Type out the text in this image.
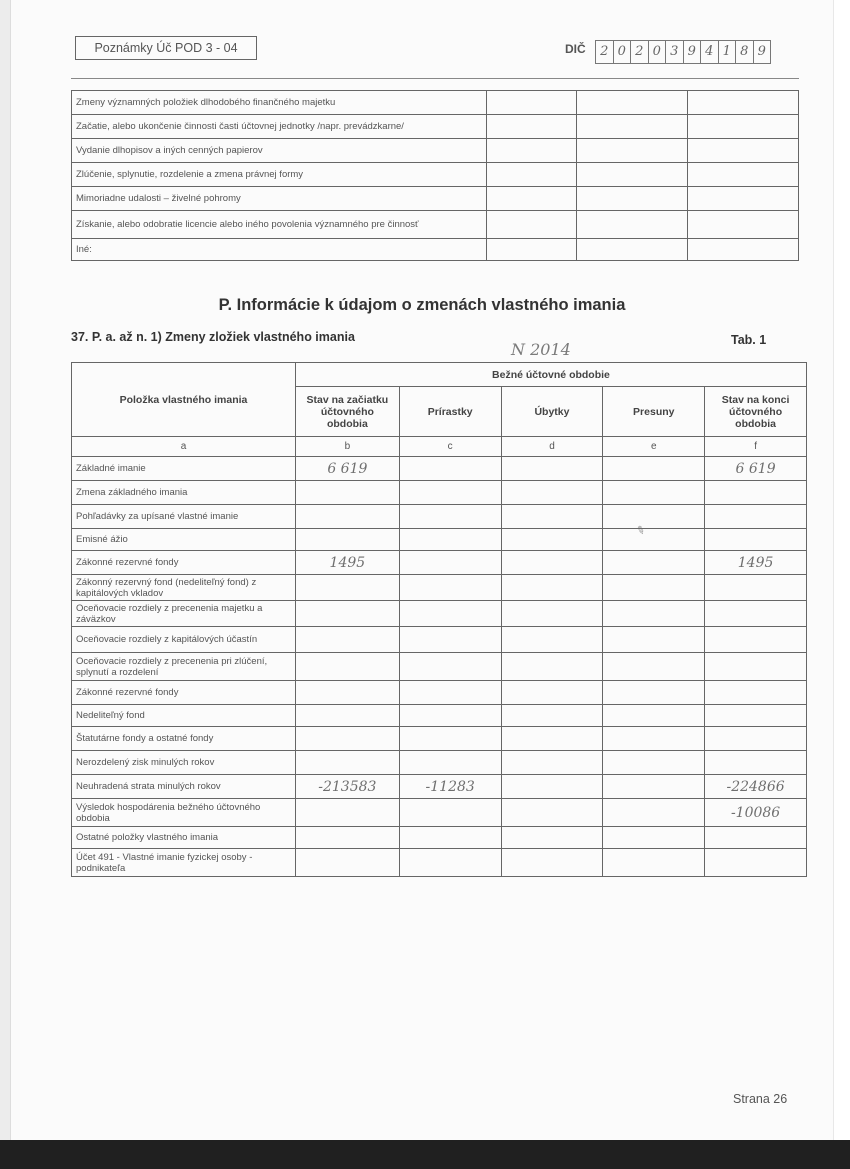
Poznámky Úč POD 3 - 04	DIČ	2 0 2 0 3 9 4 1 8 9
Zmeny významných položiek dlhodobého finančného majetku			
Začatie, alebo ukončenie činnosti časti účtovnej jednotky /napr. prevádzkarne/			
Vydanie dlhopisov a iných cenných papierov			
Zlúčenie, splynutie, rozdelenie a zmena právnej formy			
Mimoriadne udalosti – živelné pohromy			
Získanie, alebo odobratie licencie alebo iného povolenia významného pre činnosť			
Iné:			
P. Informácie k údajom o zmenách vlastného imania
37. P. a. až n. 1) Zmeny zložiek vlastného imania	Tab. 1
N 2014
✎
Položka vlastného imania	Bežné účtovné obdobie				
	Stav na začiatku účtovného obdobia	Prírastky	Úbytky	Presuny	Stav na konci účtovného obdobia
a	b	c	d	e	f
Základné imanie	6 619				6 619
Zmena základného imania					
Pohľadávky za upísané vlastné imanie					
Emisné ážio					
Zákonné rezervné fondy	1495				1495
Zákonný rezervný fond (nedeliteľný fond) z kapitálových vkladov					
Oceňovacie rozdiely z precenenia majetku a záväzkov					
Oceňovacie rozdiely z kapitálových účastín					
Oceňovacie rozdiely z precenenia pri zlúčení, splynutí a rozdelení					
Zákonné rezervné fondy					
Nedeliteľný fond					
Štatutárne fondy a ostatné fondy					
Nerozdelený zisk minulých rokov					
Neuhradená strata minulých rokov	-213583	-11283			-224866
Výsledok hospodárenia bežného účtovného obdobia					-10086
Ostatné položky vlastného imania					
Účet 491 - Vlastné imanie fyzickej osoby - podnikateľa					
Strana 26
